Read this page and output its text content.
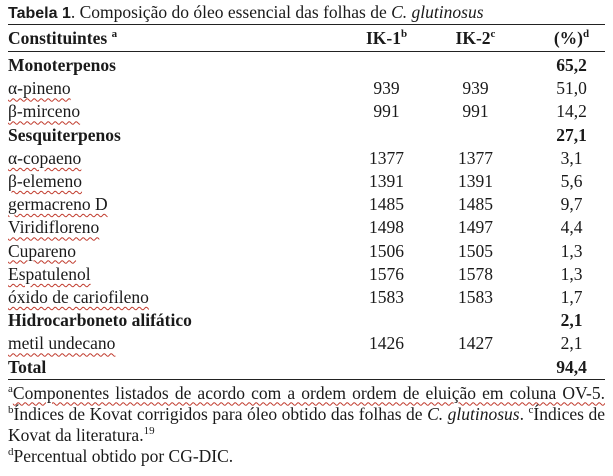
Tabela 1. Composição do óleo essencial das folhas de C. glutinosus
Constituintes $^a$	IK-1$^b$	IK-2$^c$	(%)$^d$
Monoterpenos			65,2
α-pineno	939	939	51,0
β-mirceno	991	991	14,2
Sesquiterpenos			27,1
α-copaeno	1377	1377	3,1
β-elemeno	1391	1391	5,6
germacreno D	1485	1485	9,7
Viridifloreno	1498	1497	4,4
Cupareno	1506	1505	1,3
Espatulenol	1576	1578	1,3
óxido de cariofileno	1583	1583	1,7
Hidrocarboneto alifático			2,1
metil undecano	1426	1427	2,1
Total			94,4
$^a$Componentes listados de acordo com a ordem ordem de eluição em coluna OV-5. $^b$Índices de Kovat corrigidos para óleo obtido das folhas de C. glutinosus. $^c$Índices de Kovat da literatura.$^{19}$
$^d$Percentual obtido por CG-DIC.
